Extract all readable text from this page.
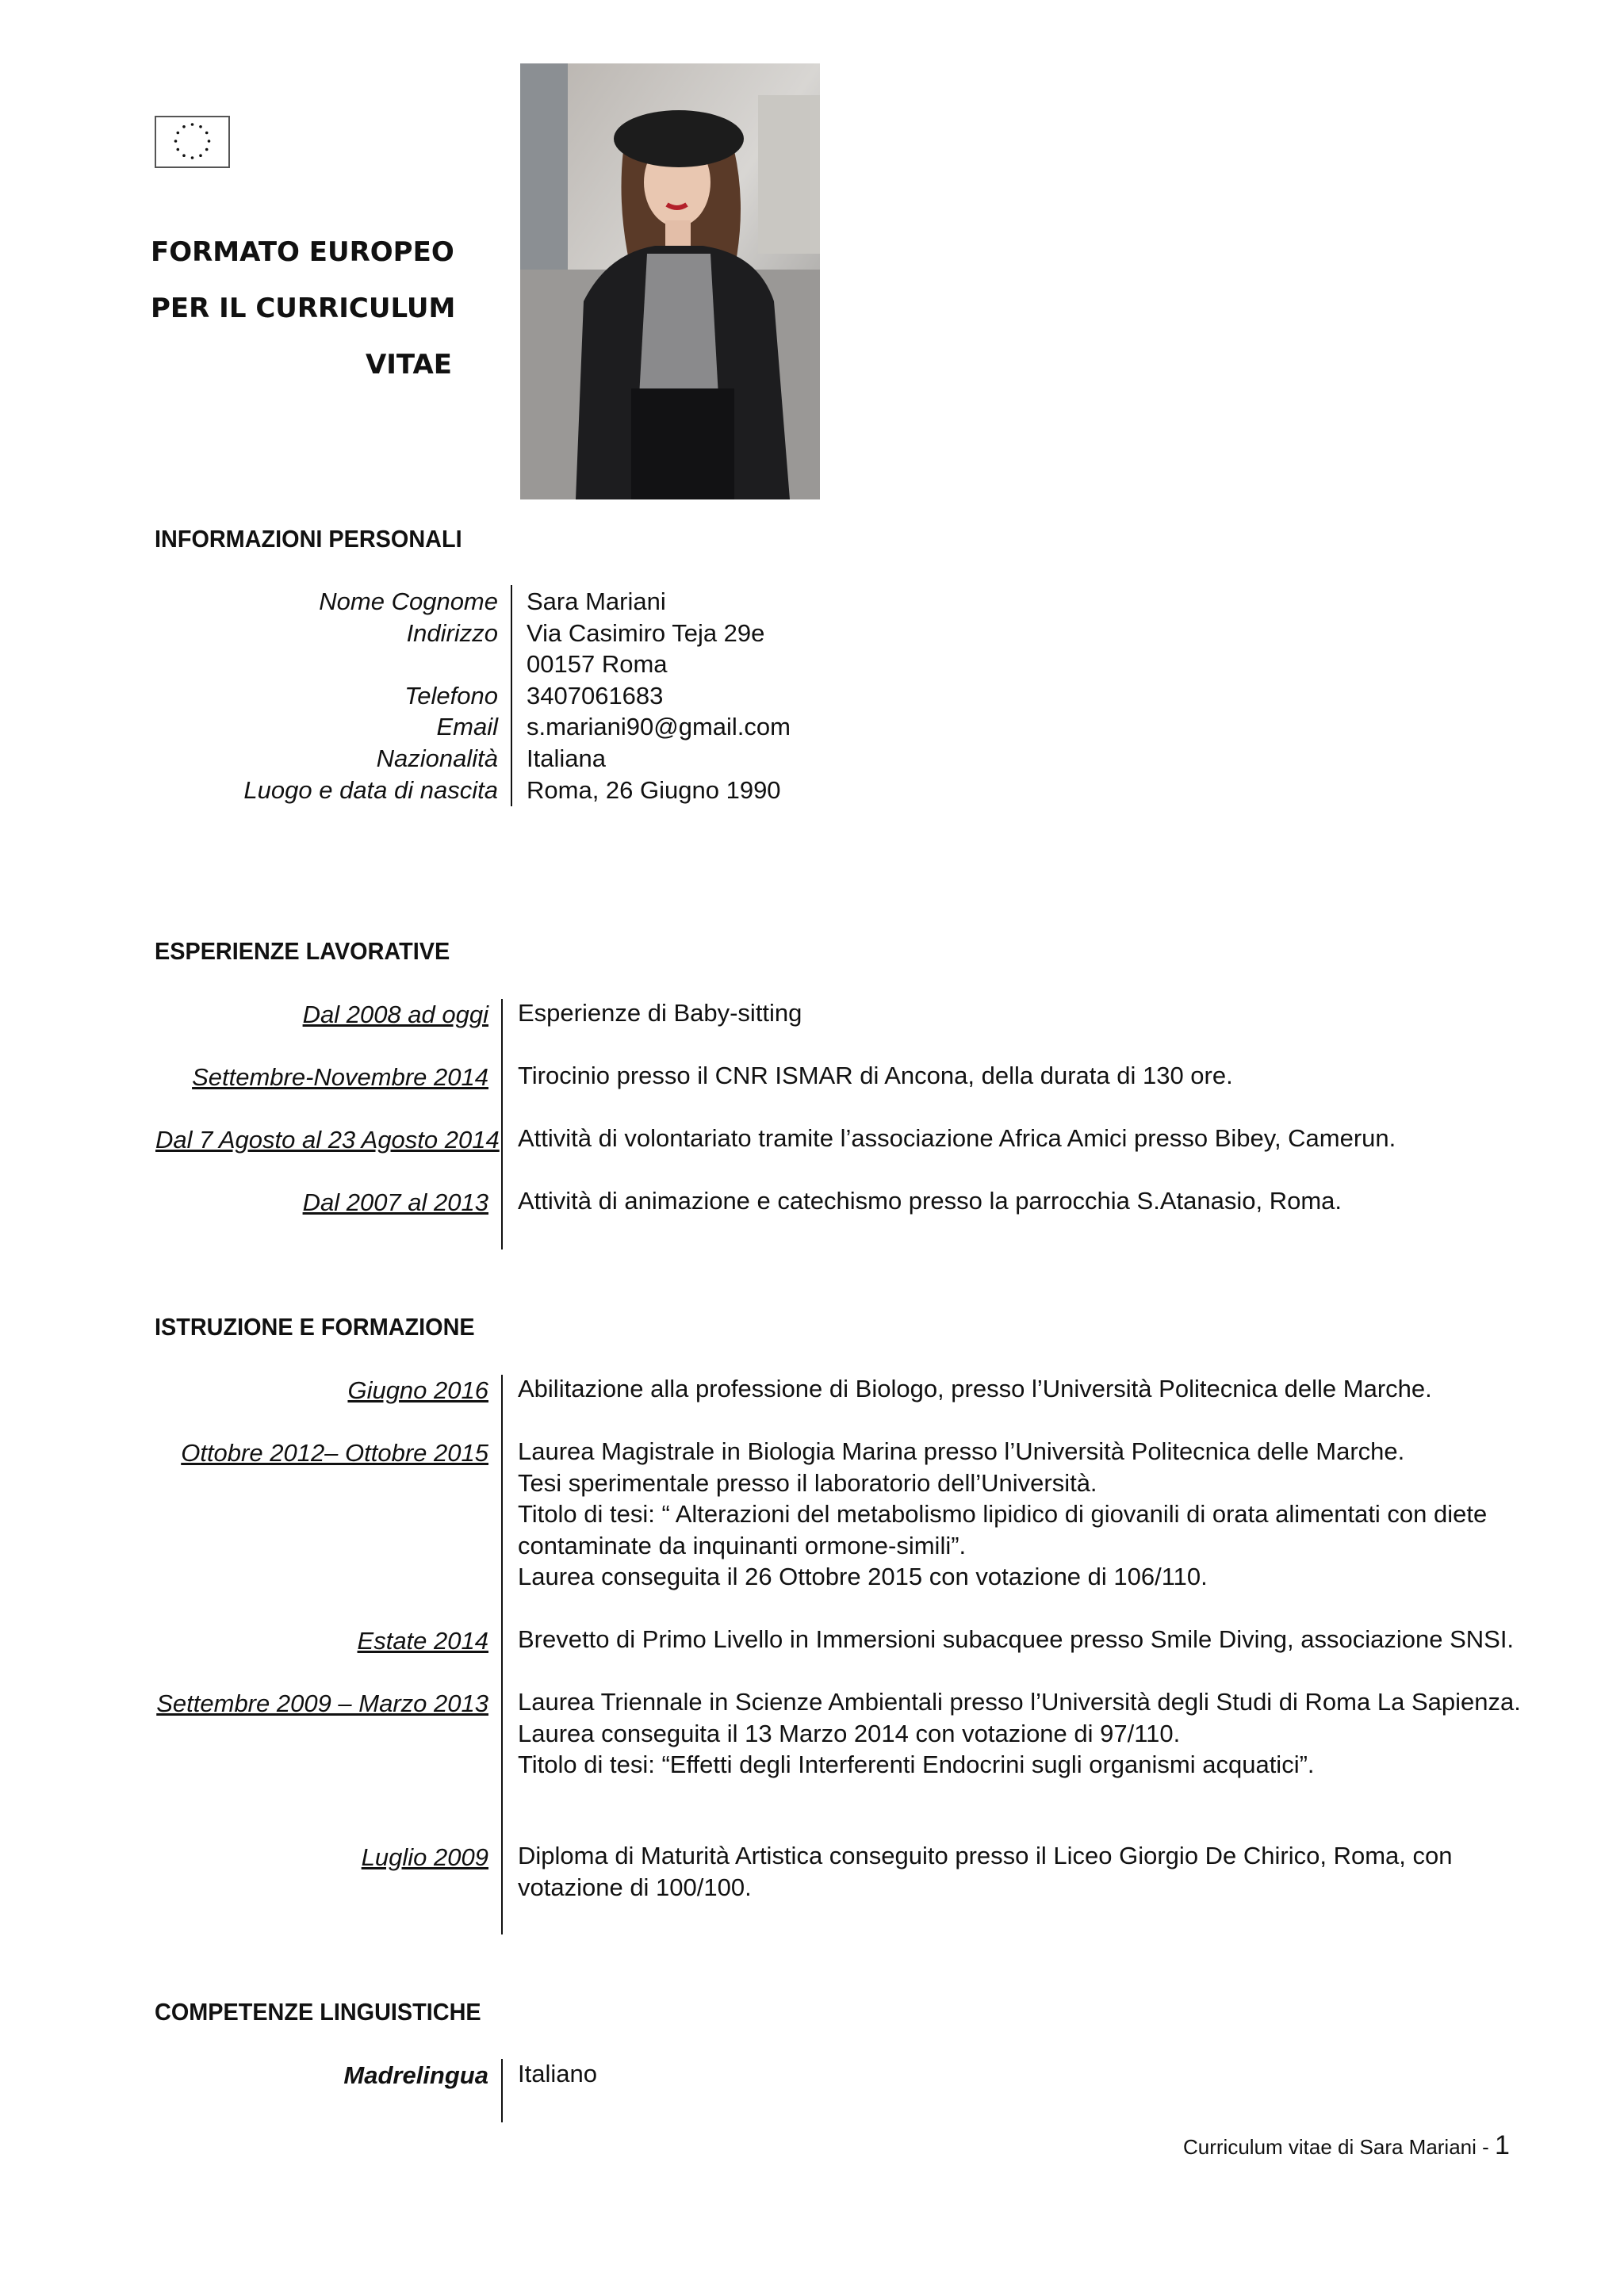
FORMATO EUROPEO
PER IL CURRICULUM
VITAE
INFORMAZIONI PERSONALI
Nome Cognome
Indirizzo
Telefono
Email
Nazionalità
Luogo e data di nascita
Sara Mariani
Via Casimiro Teja 29e
00157 Roma
3407061683
s.mariani90@gmail.com
Italiana
Roma, 26 Giugno 1990
ESPERIENZE LAVORATIVE
Dal 2008 ad oggi Esperienze di Baby-sitting
Settembre-Novembre 2014 Tirocinio presso il CNR ISMAR di Ancona, della durata di 130 ore.
Dal 7 Agosto al 23 Agosto 2014 Attività di volontariato tramite l’associazione Africa Amici presso Bibey, Camerun.
Dal 2007 al 2013 Attività di animazione e catechismo presso la parrocchia S.Atanasio, Roma.
ISTRUZIONE E FORMAZIONE
Giugno 2016 Abilitazione alla professione di Biologo, presso l’Università Politecnica delle Marche.
Ottobre 2012– Ottobre 2015 Laurea Magistrale in Biologia Marina presso l’Università Politecnica delle Marche.
Tesi sperimentale presso il laboratorio dell’Università.
Titolo di tesi: “ Alterazioni del metabolismo lipidico di giovanili di orata alimentati con diete
contaminate da inquinanti ormone-simili”.
Laurea conseguita il 26 Ottobre 2015 con votazione di 106/110.
Estate 2014 Brevetto di Primo Livello in Immersioni subacquee presso Smile Diving, associazione SNSI.
Settembre 2009 – Marzo 2013 Laurea Triennale in Scienze Ambientali presso l’Università degli Studi di Roma La Sapienza.
Laurea conseguita il 13 Marzo 2014 con votazione di 97/110.
Titolo di tesi: “Effetti degli Interferenti Endocrini sugli organismi acquatici”.
Luglio 2009 Diploma di Maturità Artistica conseguito presso il Liceo Giorgio De Chirico, Roma, con
votazione di 100/100.
COMPETENZE LINGUISTICHE
Madrelingua Italiano
Curriculum vitae di Sara Mariani - 1
